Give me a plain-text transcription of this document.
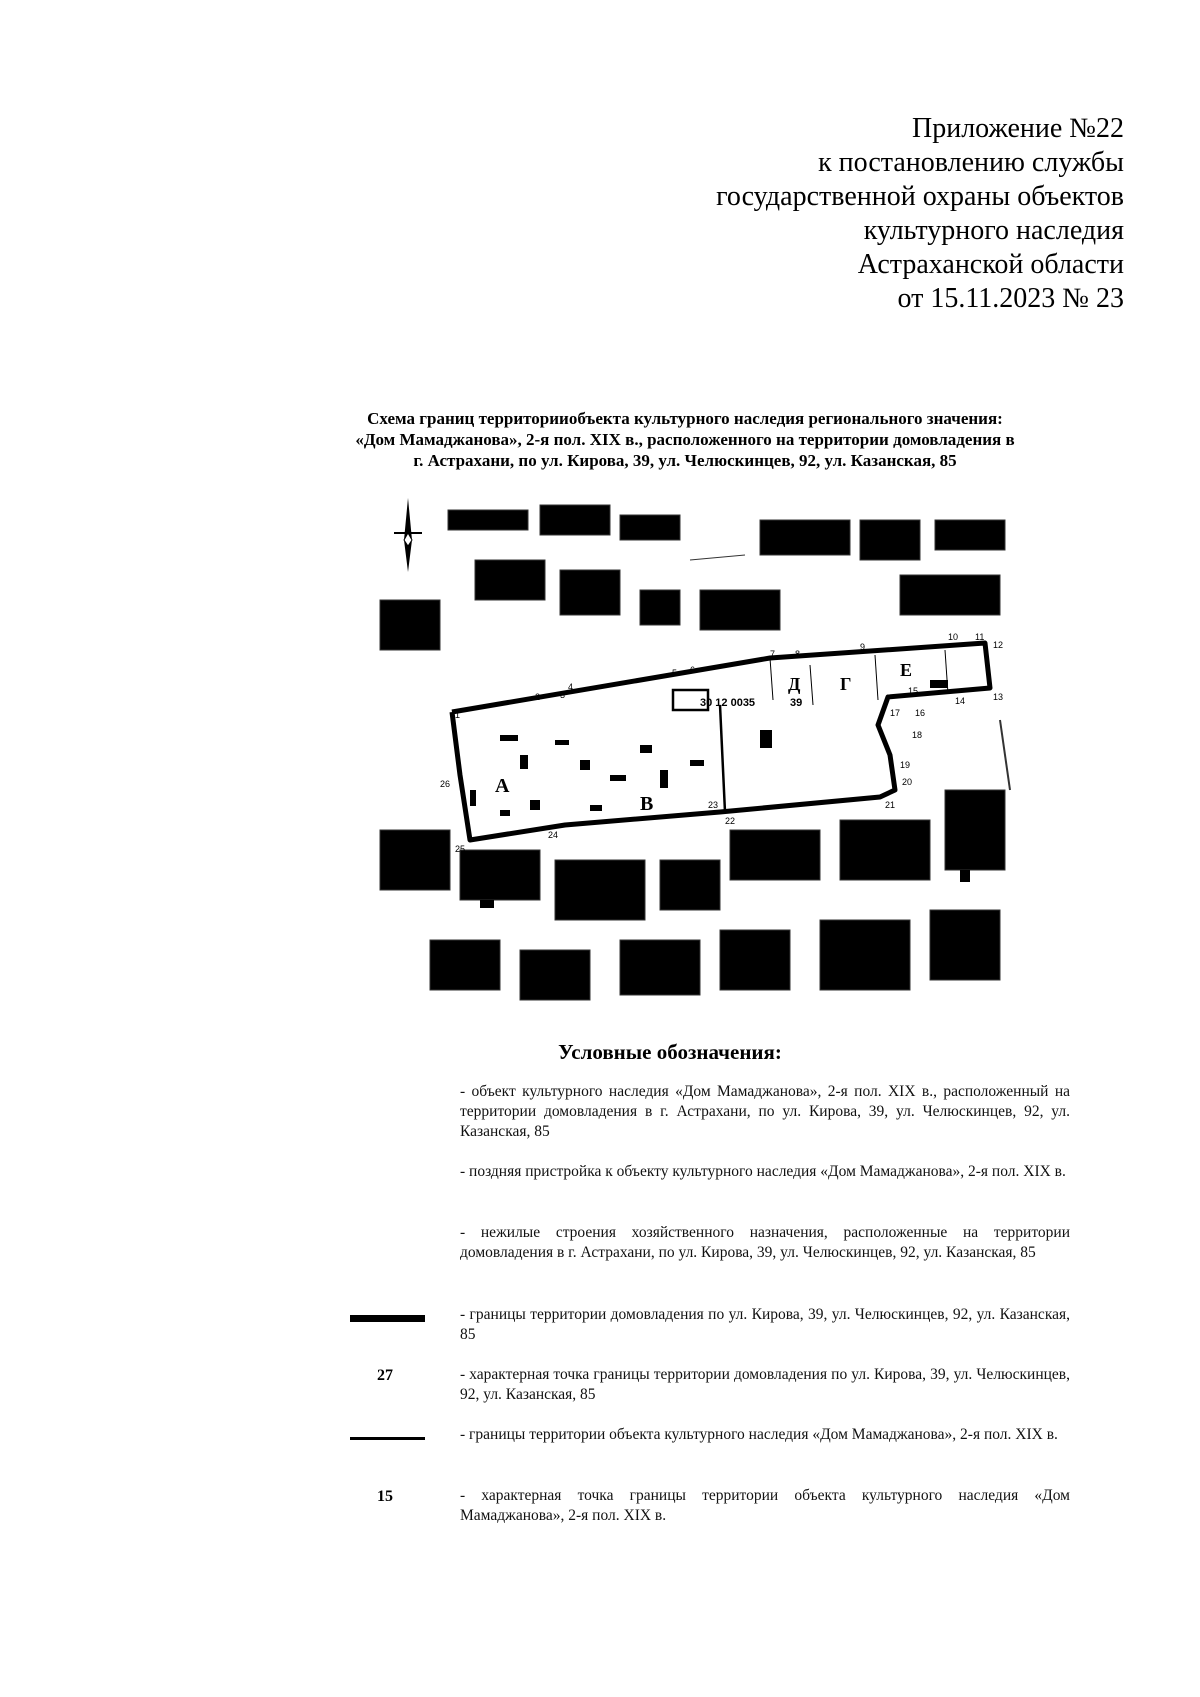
Приложение №22
к постановлению службы
государственной охраны объектов
культурного наследия
Астраханской области
от 15.11.2023 № 23
Схема границ территорииобъекта культурного наследия регионального значения:
«Дом Мамаджанова», 2-я пол. XIX в., расположенного на территории домовладения в
г. Астрахани, по ул. Кирова, 39, ул. Челюскинцев, 92, ул. Казанская, 85
А
В
Д Г
Е
30 12 0035	39
1
2 3
4
5 6
7 8
9
10 11
12
13
14
15
16
17
18
19
20
21
22
23
24
25
26
Условные обозначения:
- объект культурного наследия «Дом Мамаджанова», 2-я пол. XIX в., расположенный на территории домовладения в г. Астрахани, по ул. Кирова, 39, ул. Челюскинцев, 92, ул. Казанская, 85
- поздняя пристройка к объекту культурного наследия «Дом Мамаджанова», 2-я пол. XIX в.
- нежилые строения хозяйственного назначения, расположенные на территории домовладения в г. Астрахани, по ул. Кирова, 39, ул. Челюскинцев, 92, ул. Казанская, 85
- границы территории домовладения по ул. Кирова, 39, ул. Челюскинцев, 92, ул. Казанская, 85
27	- характерная точка границы территории домовладения по ул. Кирова, 39, ул. Челюскинцев, 92, ул. Казанская, 85
- границы территории объекта культурного наследия «Дом Мамаджанова», 2-я пол. XIX в.
15	- характерная точка границы территории объекта культурного наследия «Дом Мамаджанова», 2-я пол. XIX в.
